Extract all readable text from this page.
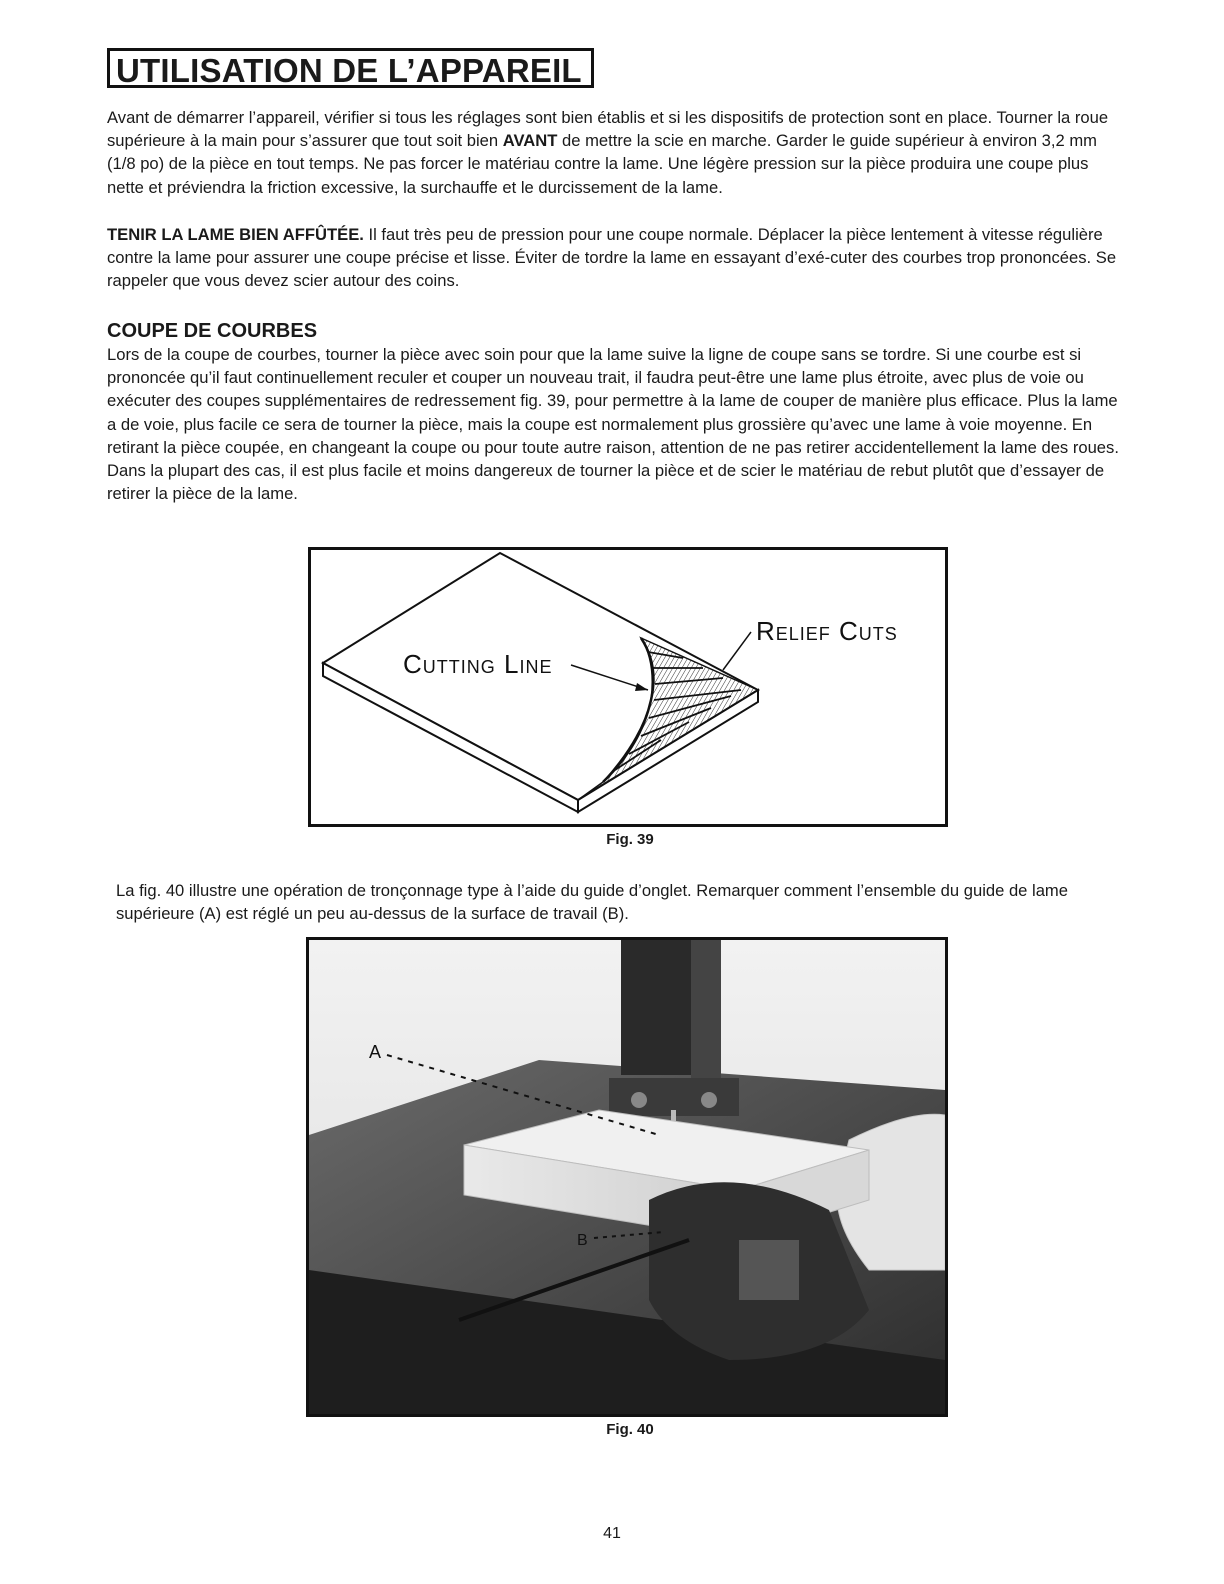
UTILISATION DE L’APPAREIL

Avant de démarrer l’appareil, vérifier si tous les réglages sont bien établis et si les dispositifs de protection sont en place. Tourner la roue supérieure à la main pour s’assurer que tout soit bien AVANT de mettre la scie en marche. Garder le guide supérieur à environ 3,2 mm (1/8 po) de la pièce en tout temps. Ne pas forcer le matériau contre la lame. Une légère pression sur la pièce produira une coupe plus nette et préviendra la friction excessive, la surchauffe et le durcissement de la lame.

TENIR LA LAME BIEN AFFÛTÉE. Il faut très peu de pression pour une coupe normale. Déplacer la pièce lentement à vitesse régulière contre la lame pour assurer une coupe précise et lisse. Éviter de tordre la lame en essayant d’exé-cuter des courbes trop prononcées. Se rappeler que vous devez scier autour des coins.

COUPE DE COURBES

Lors de la coupe de courbes, tourner la pièce avec soin pour que la lame suive la ligne de coupe sans se tordre. Si une courbe est si prononcée qu’il faut continuellement reculer et couper un nouveau trait, il faudra peut-être une lame plus étroite, avec plus de voie ou exécuter des coupes supplémentaires de redressement fig. 39, pour permettre à la lame de couper de manière plus efficace. Plus la lame a de voie, plus facile ce sera de tourner la pièce, mais la coupe est normalement plus grossière qu’avec une lame à voie moyenne. En retirant la pièce coupée, en changeant la coupe ou pour toute autre raison, attention de ne pas retirer accidentellement la lame des roues. Dans la plupart des cas, il est plus facile et moins dangereux de tourner la pièce et de scier le matériau de rebut plutôt que d’essayer de retirer la pièce de la lame.

Relief Cuts
Cutting Line
Fig. 39

La fig. 40 illustre une opération de tronçonnage type à l’aide du guide d’onglet. Remarquer comment l’ensemble du guide de lame supérieure (A) est réglé un peu au-dessus de la surface de travail (B).

A
B
Fig. 40
41
